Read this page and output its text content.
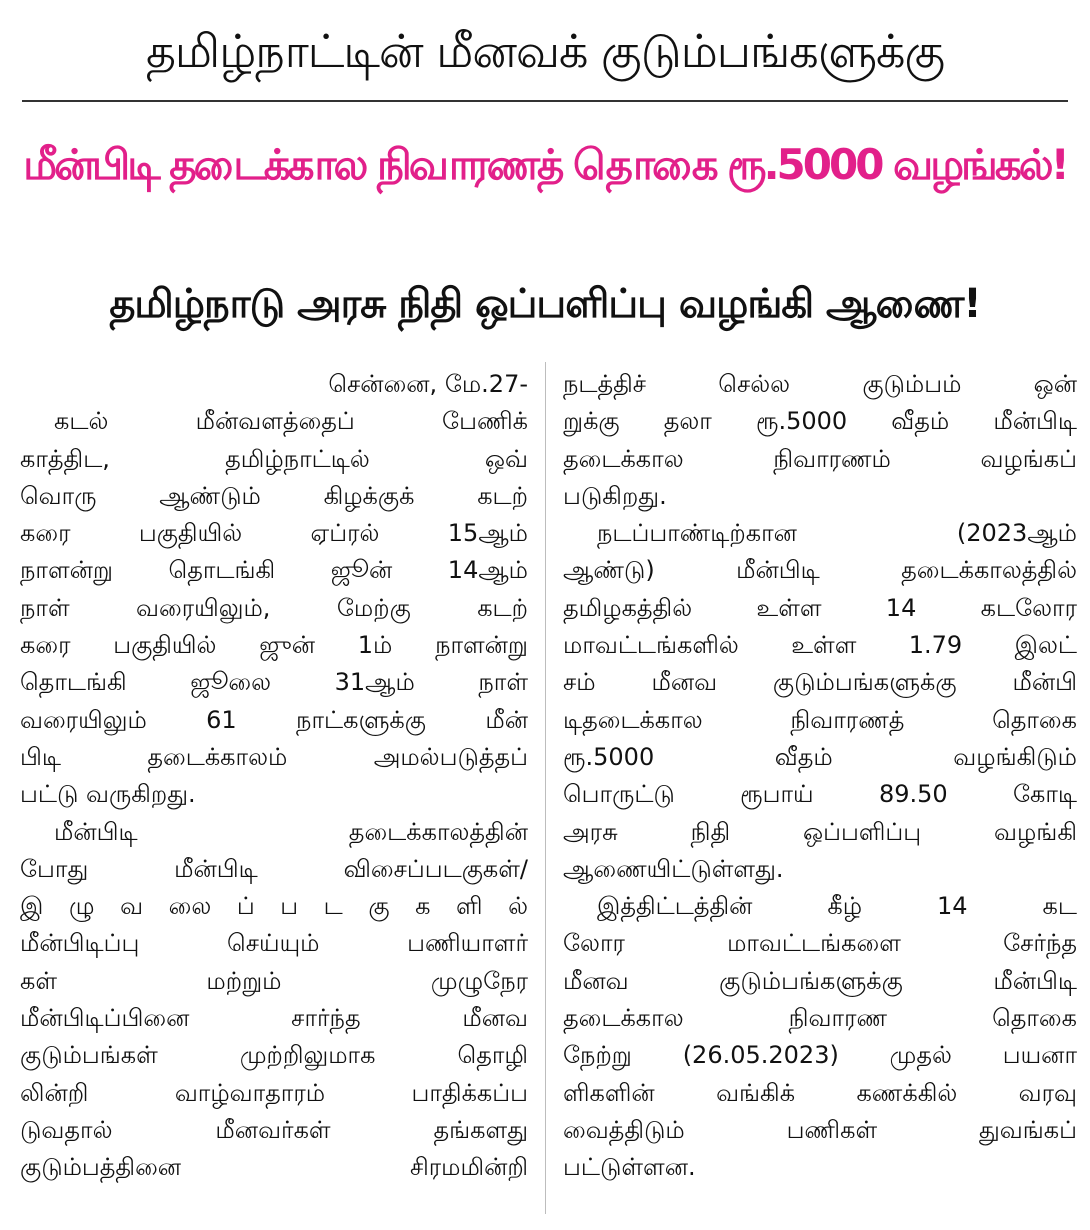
தமிழ்நாட்டின் மீனவக் குடும்பங்களுக்கு
மீன்பிடி தடைக்கால நிவாரணத் தொகை ரூ.5000 வழங்கல்!
தமிழ்நாடு அரசு நிதி ஒப்பளிப்பு வழங்கி ஆணை!
சென்னை, மே.27-
கடல் மீன்வளத்தைப் பேணிக்
காத்திட, தமிழ்நாட்டில் ஒவ்
வொரு ஆண்டும் கிழக்குக் கடற்
கரை பகுதியில் ஏப்ரல் 15ஆம்
நாளன்று தொடங்கி ஜூன் 14ஆம்
நாள் வரையிலும், மேற்கு கடற்
கரை பகுதியில் ஜுன் 1ம் நாளன்று
தொடங்கி ஜூலை 31ஆம் நாள்
வரையிலும் 61 நாட்களுக்கு மீன்
பிடி தடைக்காலம் அமல்படுத்தப்
பட்டு வருகிறது.
மீன்பிடி தடைக்காலத்தின்
போது மீன்பிடி விசைப்படகுகள்/
இ ழு வ லை ப் ப ட கு க ளி ல்
மீன்பிடிப்பு செய்யும் பணியாளர்
கள் மற்றும் முழுநேர
மீன்பிடிப்பினை சார்ந்த மீனவ
குடும்பங்கள் முற்றிலுமாக தொழி
லின்றி வாழ்வாதாரம் பாதிக்கப்ப
டுவதால் மீனவர்கள் தங்களது
குடும்பத்தினை சிரமமின்றி
நடத்திச் செல்ல குடும்பம் ஒன்
றுக்கு தலா ரூ.5000 வீதம் மீன்பிடி
தடைக்கால நிவாரணம் வழங்கப்
படுகிறது.
நடப்பாண்டிற்கான (2023ஆம்
ஆண்டு) மீன்பிடி தடைக்காலத்தில்
தமிழகத்தில் உள்ள 14 கடலோர
மாவட்டங்களில் உள்ள 1.79 இலட்
சம் மீனவ குடும்பங்களுக்கு மீன்பி
டிதடைக்கால நிவாரணத் தொகை
ரூ.5000 வீதம் வழங்கிடும்
பொருட்டு ரூபாய் 89.50 கோடி
அரசு நிதி ஒப்பளிப்பு வழங்கி
ஆணையிட்டுள்ளது.
இத்திட்டத்தின் கீழ் 14 கட
லோர மாவட்டங்களை சேர்ந்த
மீனவ குடும்பங்களுக்கு மீன்பிடி
தடைக்கால நிவாரண தொகை
நேற்று (26.05.2023) முதல் பயனா
ளிகளின் வங்கிக் கணக்கில் வரவு
வைத்திடும் பணிகள் துவங்கப்
பட்டுள்ளன.
